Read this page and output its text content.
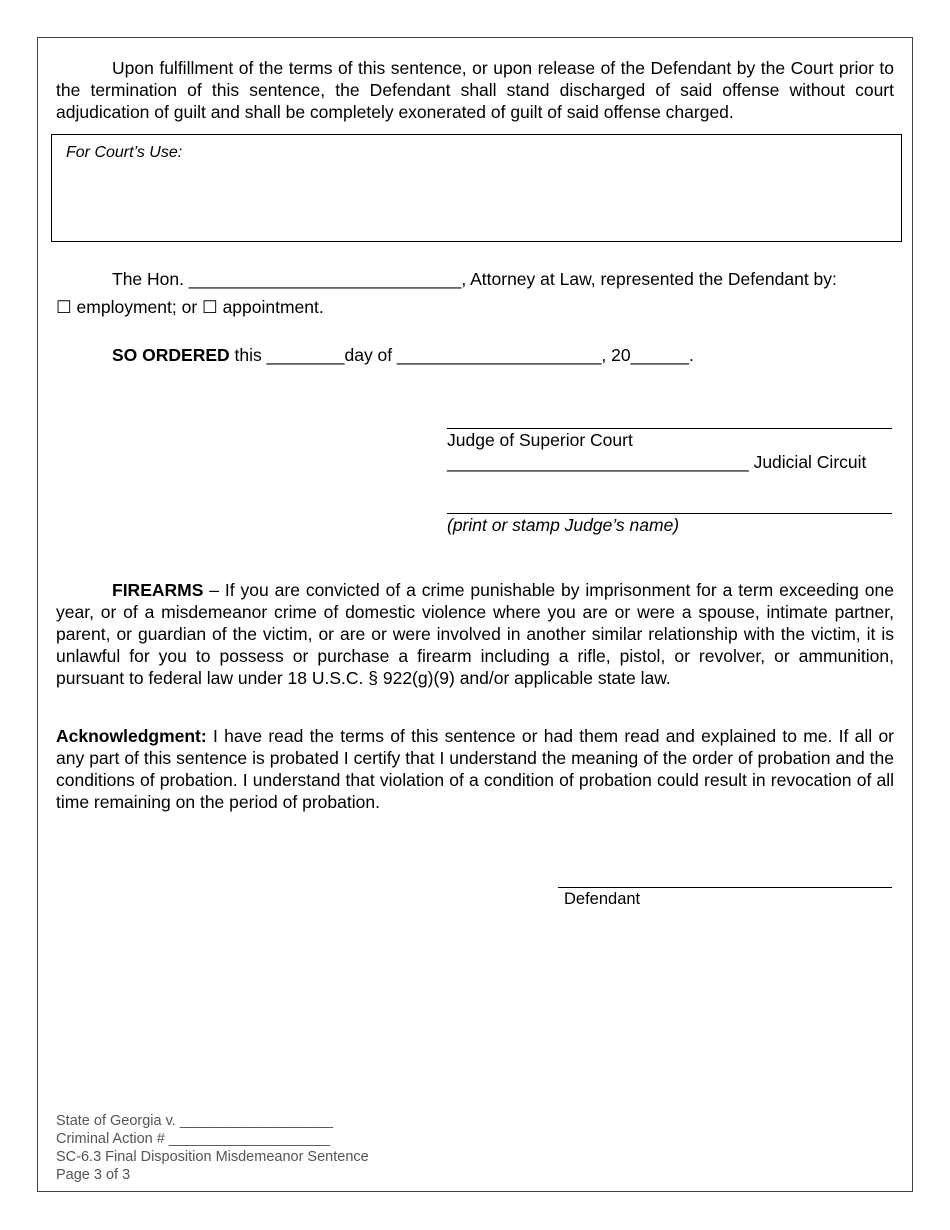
Upon fulfillment of the terms of this sentence, or upon release of the Defendant by the Court prior to the termination of this sentence, the Defendant shall stand discharged of said offense without court adjudication of guilt and shall be completely exonerated of guilt of said offense charged.

For Court’s Use:
The Hon. ____________________________, Attorney at Law, represented the Defendant by:
☐ employment; or ☐ appointment.
SO ORDERED this ________day of _____________________, 20______.
Judge of Superior Court
_______________________________ Judicial Circuit
(print or stamp Judge’s name)

FIREARMS – If you are convicted of a crime punishable by imprisonment for a term exceeding one year, or of a misdemeanor crime of domestic violence where you are or were a spouse, intimate partner, parent, or guardian of the victim, or are or were involved in another similar relationship with the victim, it is unlawful for you to possess or purchase a firearm including a rifle, pistol, or revolver, or ammunition, pursuant to federal law under 18 U.S.C. § 922(g)(9) and/or applicable state law.

Acknowledgment: I have read the terms of this sentence or had them read and explained to me. If all or any part of this sentence is probated I certify that I understand the meaning of the order of probation and the conditions of probation. I understand that violation of a condition of probation could result in revocation of all time remaining on the period of probation.

Defendant
State of Georgia v. ___________________
Criminal Action # ____________________
SC-6.3 Final Disposition Misdemeanor Sentence
Page 3 of 3
